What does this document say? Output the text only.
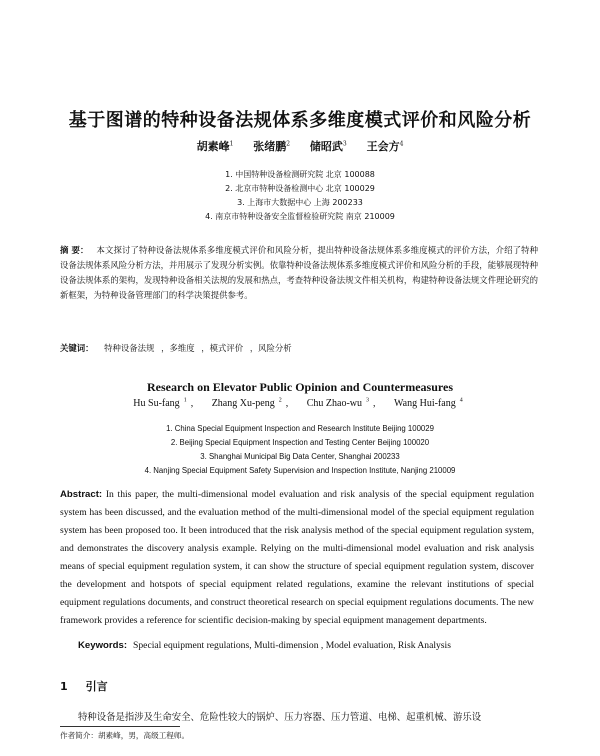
基于图谱的特种设备法规体系多维度模式评价和风险分析
胡素峰$^1$ 张绪鹏$^2$ 储昭武$^3$ 王会方$^4$
1. 中国特种设备检测研究院 北京 100088
2. 北京市特种设备检测中心 北京 100029
3. 上海市大数据中心 上海 200233
4. 南京市特种设备安全监督检验研究院 南京 210009
摘 要： 本文探讨了特种设备法规体系多维度模式评价和风险分析，提出特种设备法规体系多维度模式的评价方法，介绍了特种设备法规体系风险分析方法，并用展示了发现分析实例。依靠特种设备法规体系多维度模式评价和风险分析的手段，能够展现特种设备法规体系的架构，发现特种设备相关法规的发展和热点，考查特种设备法规文件相关机构，构建特种设备法规文件理论研究的新框架，为特种设备管理部门的科学决策提供参考。
关键词： 特种设备法规 ，多维度 ，模式评价 ，风险分析
Research on Elevator Public Opinion and Countermeasures
Hu Su-fang $^1$ , Zhang Xu-peng $^2$ , Chu Zhao-wu $^3$ , Wang Hui-fang $^4$
1. China Special Equipment Inspection and Research Institute Beijing 100029
2. Beijing Special Equipment Inspection and Testing Center Beijing 100020
3. Shanghai Municipal Big Data Center, Shanghai 200233
4. Nanjing Special Equipment Safety Supervision and Inspection Institute, Nanjing 210009
Abstract: In this paper, the multi-dimensional model evaluation and risk analysis of the special equipment regulation system has been discussed, and the evaluation method of the multi-dimensional model of the special equipment regulation system has been proposed too. It been introduced that the risk analysis method of the special equipment regulation system, and demonstrates the discovery analysis example. Relying on the multi-dimensional model evaluation and risk analysis means of special equipment regulation system, it can show the structure of special equipment regulation system, discover the development and hotspots of special equipment related regulations, examine the relevant institutions of special equipment regulations documents, and construct theoretical research on special equipment regulations documents. The new framework provides a reference for scientific decision-making by special equipment management departments.
Keywords: Special equipment regulations, Multi-dimension , Model evaluation, Risk Analysis
1 引言
特种设备是指涉及生命安全、危险性较大的锅炉、压力容器、压力管道、电梯、起重机械、游乐设
作者简介：胡素峰，男，高级工程师。
